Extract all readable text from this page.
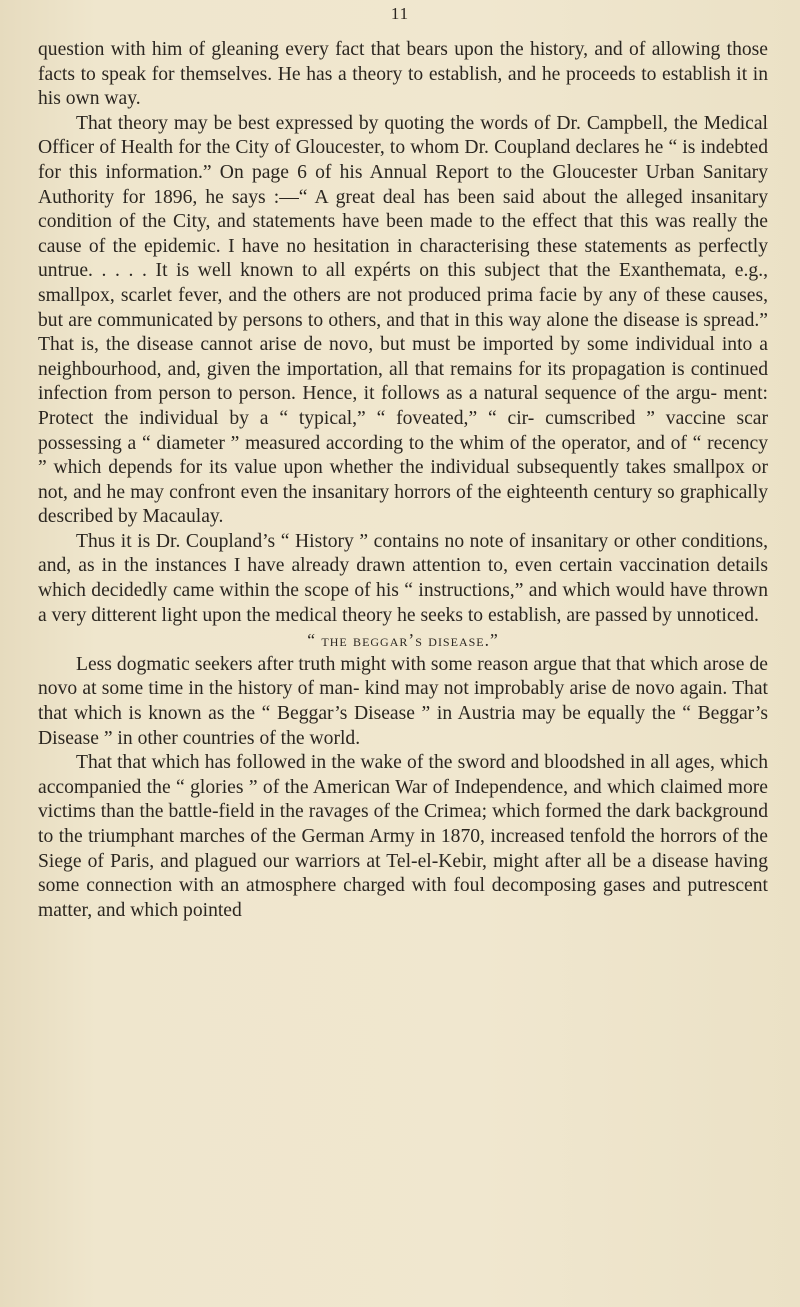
11

question with him of gleaning every fact that bears upon the history, and of allowing those facts to speak for themselves. He has a theory to establish, and he proceeds to establish it in his own way.

That theory may be best expressed by quoting the words of Dr. Campbell, the Medical Officer of Health for the City of Gloucester, to whom Dr. Coupland declares he “ is indebted for this information.” On page 6 of his Annual Report to the Gloucester Urban Sanitary Authority for 1896, he says :—“ A great deal has been said about the alleged insanitary condition of the City, and statements have been made to the effect that this was really the cause of the epidemic. I have no hesitation in characterising these statements as perfectly untrue. . . . . It is well known to all expérts on this subject that the Exanthemata, e.g., smallpox, scarlet fever, and the others are not produced prima facie by any of these causes, but are communicated by persons to others, and that in this way alone the disease is spread.” That is, the disease cannot arise de novo, but must be imported by some individual into a neighbourhood, and, given the importation, all that remains for its propagation is continued infection from person to person. Hence, it follows as a natural sequence of the argu- ment: Protect the individual by a “ typical,” “ foveated,” “ cir- cumscribed ” vaccine scar possessing a “ diameter ” measured according to the whim of the operator, and of “ recency ” which depends for its value upon whether the individual subsequently takes smallpox or not, and he may confront even the insanitary horrors of the eighteenth century so graphically described by Macaulay.

Thus it is Dr. Coupland’s “ History ” contains no note of insanitary or other conditions, and, as in the instances I have already drawn attention to, even certain vaccination details which decidedly came within the scope of his “ instructions,” and which would have thrown a very ditterent light upon the medical theory he seeks to establish, are passed by unnoticed.

“ the beggar’s disease.”

Less dogmatic seekers after truth might with some reason argue that that which arose de novo at some time in the history of man- kind may not improbably arise de novo again. That that which is known as the “ Beggar’s Disease ” in Austria may be equally the “ Beggar’s Disease ” in other countries of the world.

That that which has followed in the wake of the sword and bloodshed in all ages, which accompanied the “ glories ” of the American War of Independence, and which claimed more victims than the battle-field in the ravages of the Crimea; which formed the dark background to the triumphant marches of the German Army in 1870, increased tenfold the horrors of the Siege of Paris, and plagued our warriors at Tel-el-Kebir, might after all be a disease having some connection with an atmosphere charged with foul decomposing gases and putrescent matter, and which pointed
